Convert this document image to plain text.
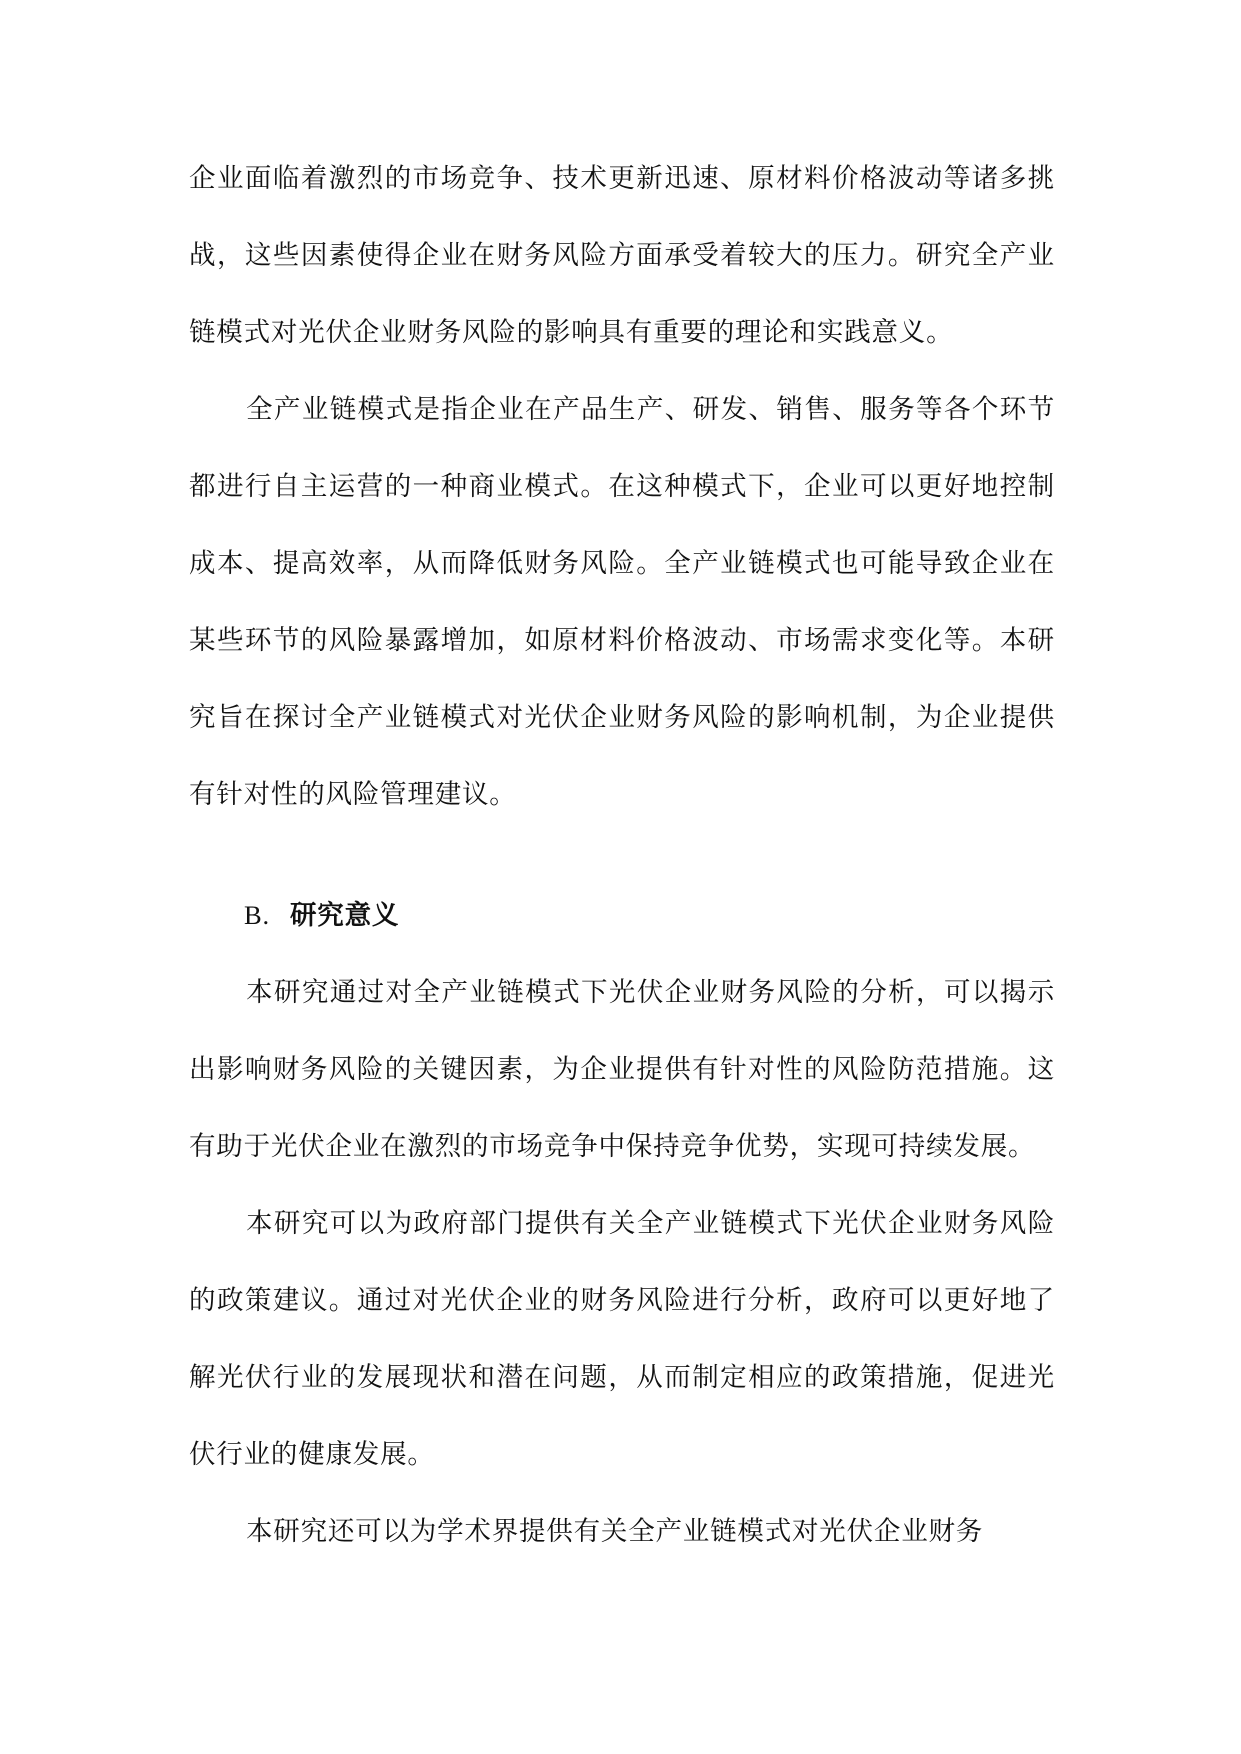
企业面临着激烈的市场竞争、技术更新迅速、原材料价格波动等诸多挑战，这些因素使得企业在财务风险方面承受着较大的压力。研究全产业链模式对光伏企业财务风险的影响具有重要的理论和实践意义。

全产业链模式是指企业在产品生产、研发、销售、服务等各个环节都进行自主运营的一种商业模式。在这种模式下，企业可以更好地控制成本、提高效率，从而降低财务风险。全产业链模式也可能导致企业在某些环节的风险暴露增加，如原材料价格波动、市场需求变化等。本研究旨在探讨全产业链模式对光伏企业财务风险的影响机制，为企业提供有针对性的风险管理建议。

B. 研究意义

本研究通过对全产业链模式下光伏企业财务风险的分析，可以揭示出影响财务风险的关键因素，为企业提供有针对性的风险防范措施。这有助于光伏企业在激烈的市场竞争中保持竞争优势，实现可持续发展。

本研究可以为政府部门提供有关全产业链模式下光伏企业财务风险的政策建议。通过对光伏企业的财务风险进行分析，政府可以更好地了解光伏行业的发展现状和潜在问题，从而制定相应的政策措施，促进光伏行业的健康发展。

本研究还可以为学术界提供有关全产业链模式对光伏企业财务
